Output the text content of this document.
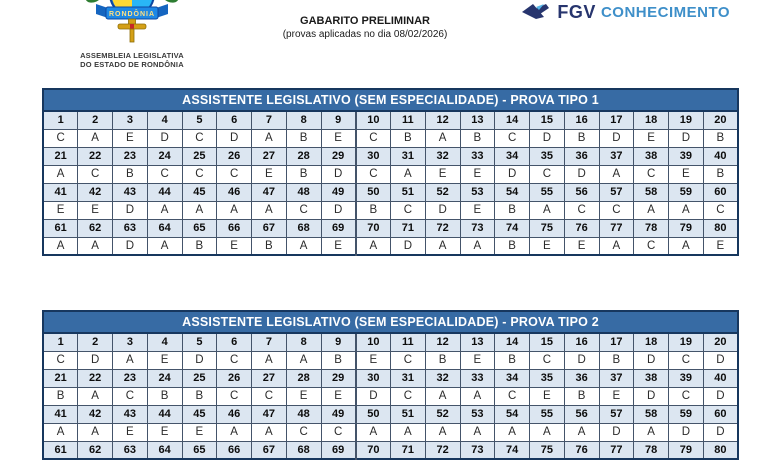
RONDÔNIA
ASSEMBLEIA LEGISLATIVA
DO ESTADO DE RONDÔNIA
GABARITO PRELIMINAR
(provas aplicadas no dia 08/02/2026)
FGV CONHECIMENTO
ASSISTENTE LEGISLATIVO (SEM ESPECIALIDADE) - PROVA TIPO 1																			
1	2	3	4	5	6	7	8	9	10	11	12	13	14	15	16	17	18	19	20
C	A	E	D	C	D	A	B	E	C	B	A	B	C	D	B	D	E	D	B
21	22	23	24	25	26	27	28	29	30	31	32	33	34	35	36	37	38	39	40
A	C	B	C	C	C	E	B	D	C	A	E	E	D	C	D	A	C	E	B
41	42	43	44	45	46	47	48	49	50	51	52	53	54	55	56	57	58	59	60
E	E	D	A	A	A	A	C	D	B	C	D	E	B	A	C	C	A	A	C
61	62	63	64	65	66	67	68	69	70	71	72	73	74	75	76	77	78	79	80
A	A	D	A	B	E	B	A	E	A	D	A	A	B	E	E	A	C	A	E
ASSISTENTE LEGISLATIVO (SEM ESPECIALIDADE) - PROVA TIPO 2																			
1	2	3	4	5	6	7	8	9	10	11	12	13	14	15	16	17	18	19	20
C	D	A	E	D	C	A	A	B	E	C	B	E	B	C	D	B	D	C	D
21	22	23	24	25	26	27	28	29	30	31	32	33	34	35	36	37	38	39	40
B	A	C	B	B	C	C	E	E	D	C	A	A	C	E	B	E	D	C	D
41	42	43	44	45	46	47	48	49	50	51	52	53	54	55	56	57	58	59	60
A	A	E	E	E	A	A	C	C	A	A	A	A	A	A	A	D	A	D	D
61	62	63	64	65	66	67	68	69	70	71	72	73	74	75	76	77	78	79	80
